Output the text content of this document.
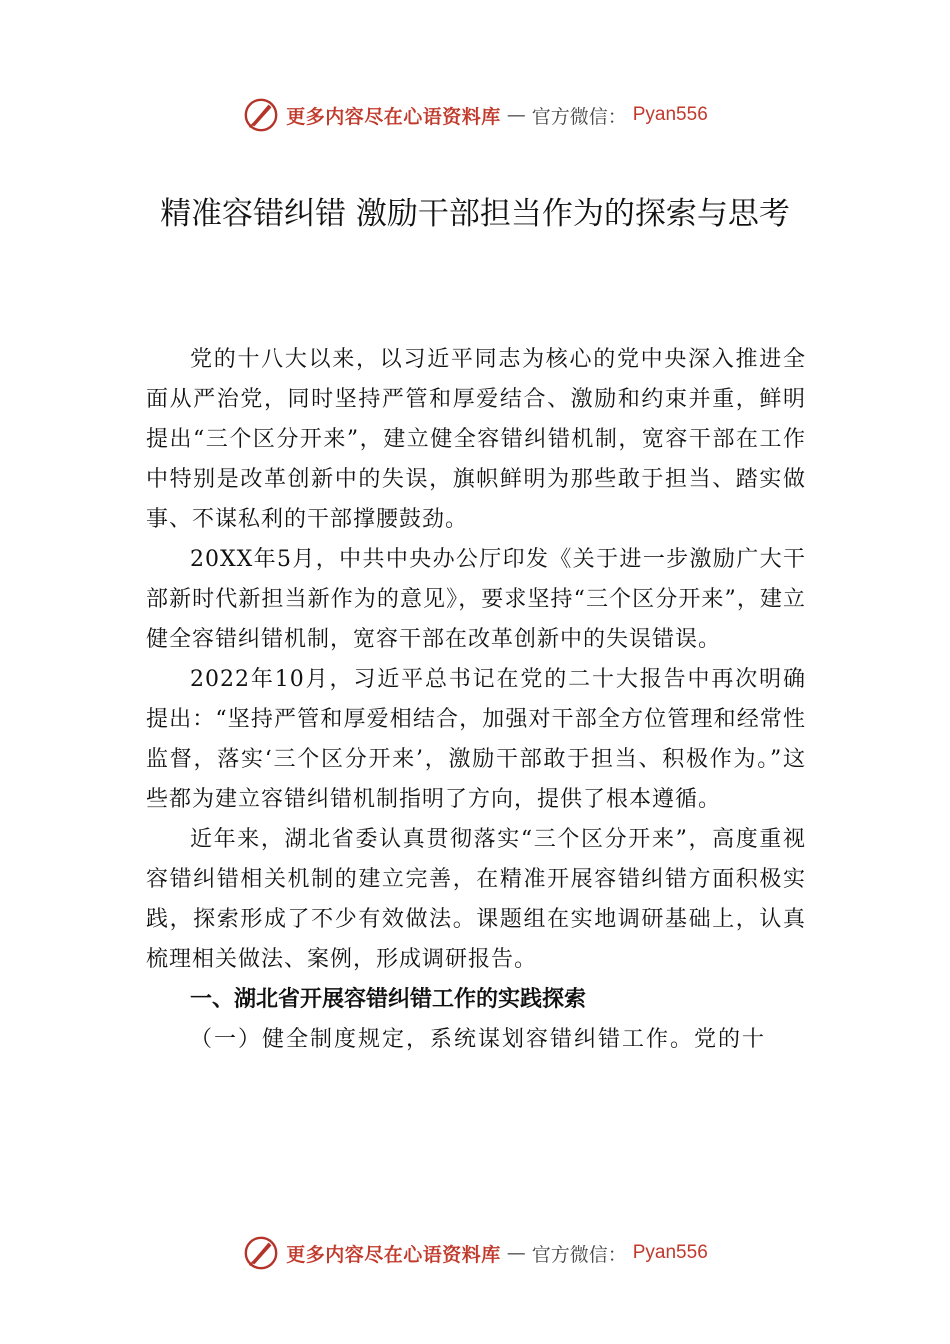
更多内容尽在心语资料库 — 官方微信： Pyan556
精准容错纠错 激励干部担当作为的探索与思考

党的十八大以来，以习近平同志为核心的党中央深入推进全面从严治党，同时坚持严管和厚爱结合、激励和约束并重，鲜明提出“三个区分开来”，建立健全容错纠错机制，宽容干部在工作中特别是改革创新中的失误，旗帜鲜明为那些敢于担当、踏实做事、不谋私利的干部撑腰鼓劲。

20XX年5月，中共中央办公厅印发《关于进一步激励广大干部新时代新担当新作为的意见》，要求坚持“三个区分开来”，建立健全容错纠错机制，宽容干部在改革创新中的失误错误。

2022年10月，习近平总书记在党的二十大报告中再次明确提出：“坚持严管和厚爱相结合，加强对干部全方位管理和经常性监督，落实‘三个区分开来’，激励干部敢于担当、积极作为。”这些都为建立容错纠错机制指明了方向，提供了根本遵循。

近年来，湖北省委认真贯彻落实“三个区分开来”，高度重视容错纠错相关机制的建立完善，在精准开展容错纠错方面积极实践，探索形成了不少有效做法。课题组在实地调研基础上，认真梳理相关做法、案例，形成调研报告。

一、湖北省开展容错纠错工作的实践探索

（一）健全制度规定，系统谋划容错纠错工作。党的十

更多内容尽在心语资料库 — 官方微信： Pyan556
